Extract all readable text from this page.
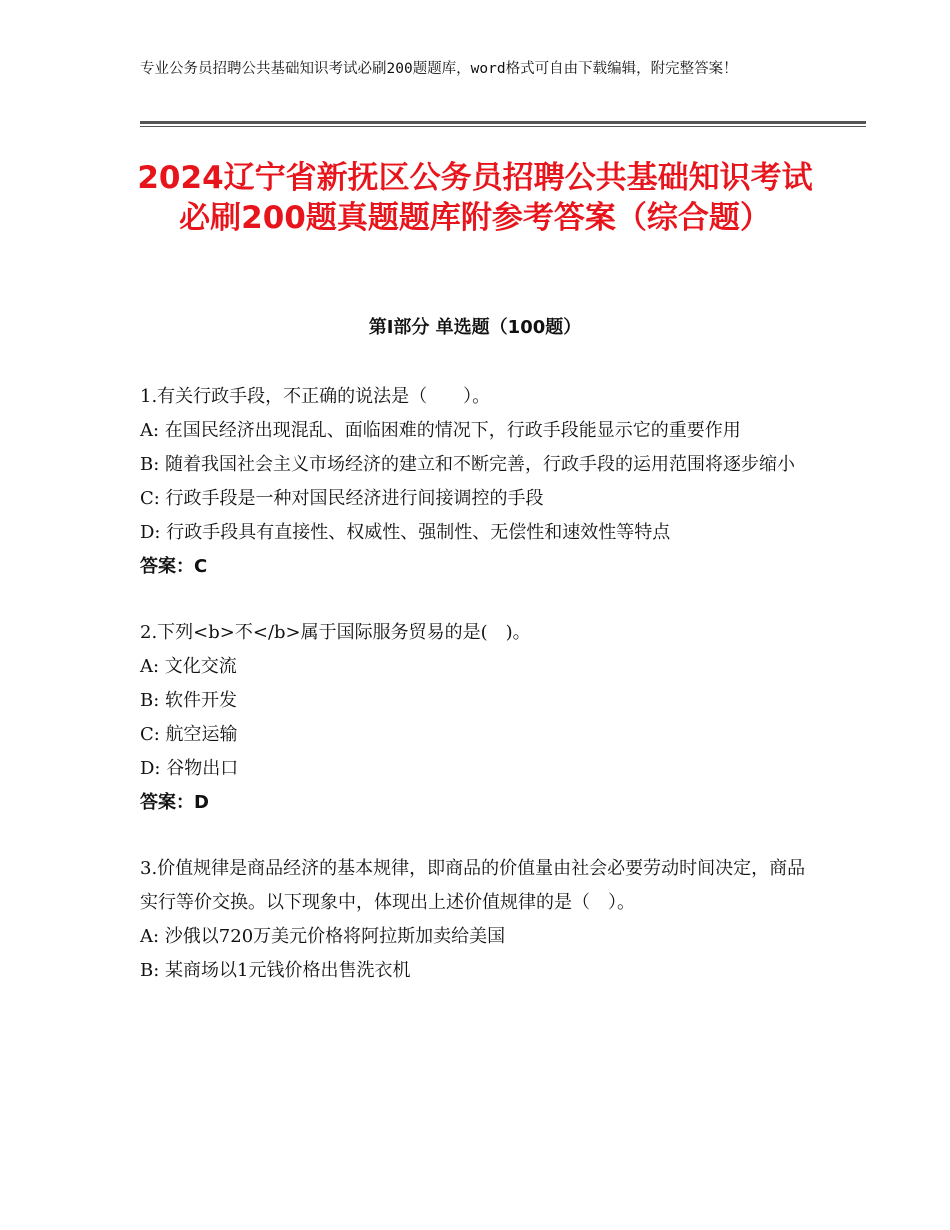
专业公务员招聘公共基础知识考试必刷200题题库，word格式可自由下载编辑，附完整答案！
2024辽宁省新抚区公务员招聘公共基础知识考试必刷200题真题题库附参考答案（综合题）
第Ⅰ部分 单选题（100题）

1.有关行政手段，不正确的说法是（　　）。

A: 在国民经济出现混乱、面临困难的情况下，行政手段能显示它的重要作用

B: 随着我国社会主义市场经济的建立和不断完善，行政手段的运用范围将逐步缩小

C: 行政手段是一种对国民经济进行间接调控的手段

D: 行政手段具有直接性、权威性、强制性、无偿性和速效性等特点

答案：C

2.下列<b>不</b>属于国际服务贸易的是(　)。

A: 文化交流

B: 软件开发

C: 航空运输

D: 谷物出口

答案：D

3.价值规律是商品经济的基本规律，即商品的价值量由社会必要劳动时间决定，商品实行等价交换。以下现象中，体现出上述价值规律的是（　）。

A: 沙俄以720万美元价格将阿拉斯加卖给美国

B: 某商场以1元钱价格出售洗衣机
